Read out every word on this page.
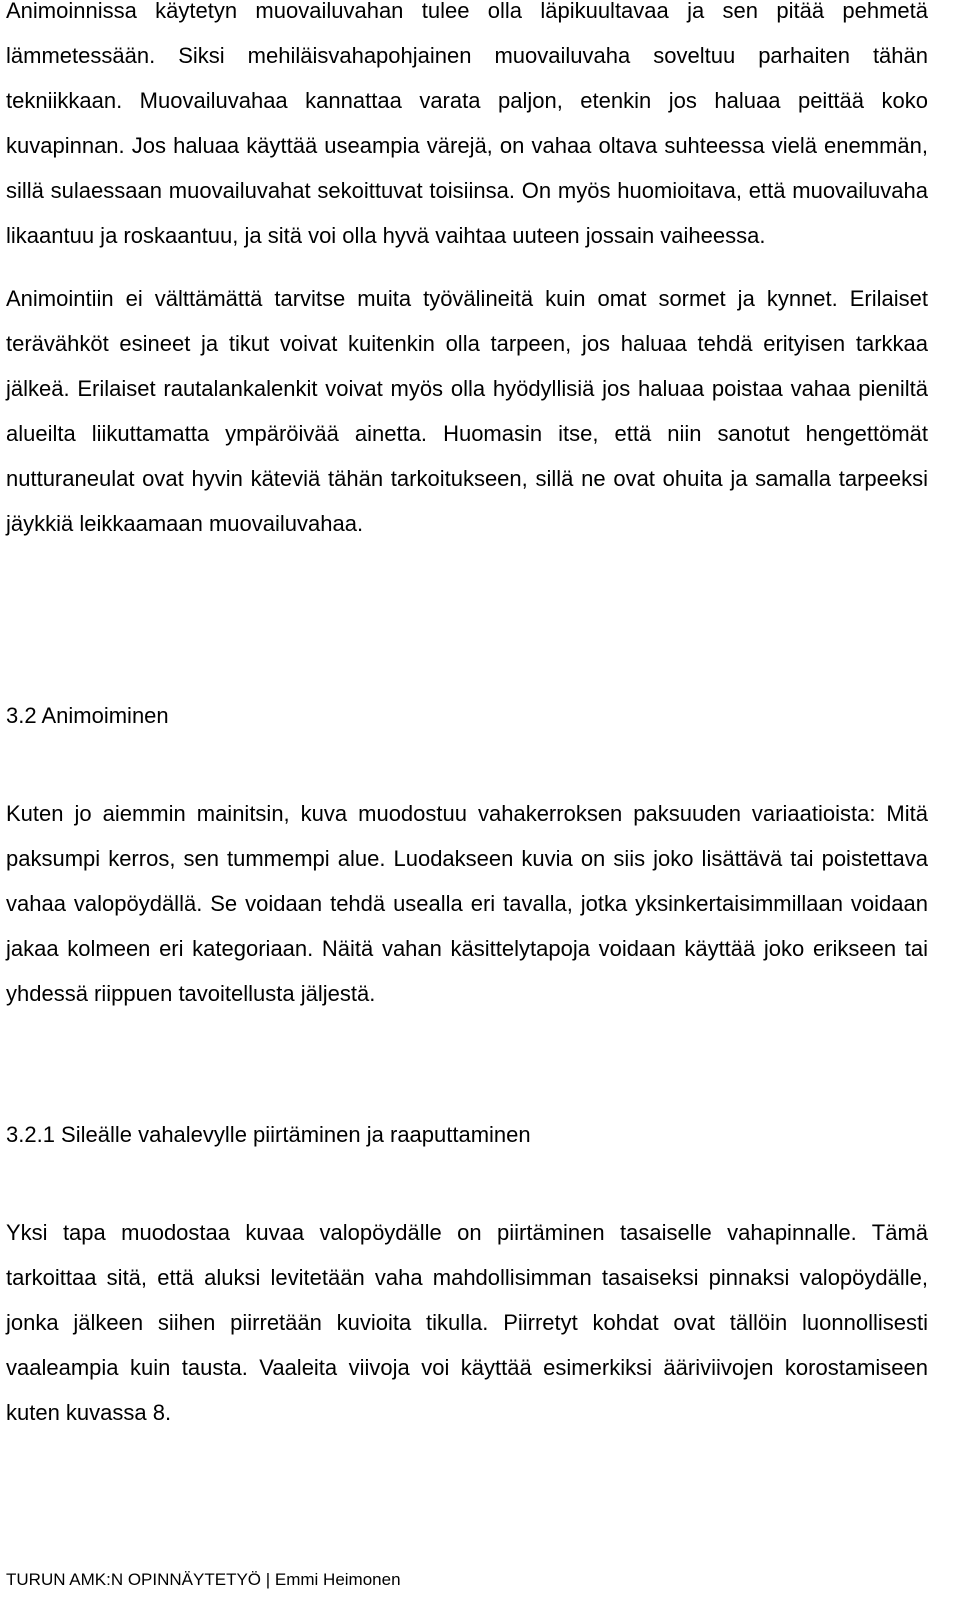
Animoinnissa käytetyn muovailuvahan tulee olla läpikuultavaa ja sen pitää pehmetä lämmetessään. Siksi mehiläisvahapohjainen muovailuvaha soveltuu parhaiten tähän tekniikkaan. Muovailuvahaa kannattaa varata paljon, etenkin jos haluaa peittää koko kuvapinnan. Jos haluaa käyttää useampia värejä, on vahaa oltava suhteessa vielä enemmän, sillä sulaessaan muovailuvahat sekoittuvat toisiinsa. On myös huomioitava, että muovailuvaha likaantuu ja roskaantuu, ja sitä voi olla hyvä vaihtaa uuteen jossain vaiheessa.

Animointiin ei välttämättä tarvitse muita työvälineitä kuin omat sormet ja kynnet. Erilaiset terävähköt esineet ja tikut voivat kuitenkin olla tarpeen, jos haluaa tehdä erityisen tarkkaa jälkeä. Erilaiset rautalankalenkit voivat myös olla hyödyllisiä jos haluaa poistaa vahaa pieniltä alueilta liikuttamatta ympäröivää ainetta. Huomasin itse, että niin sanotut hengettömät nutturaneulat ovat hyvin käteviä tähän tarkoitukseen, sillä ne ovat ohuita ja samalla tarpeeksi jäykkiä leikkaamaan muovailuvahaa.

3.2 Animoiminen

Kuten jo aiemmin mainitsin, kuva muodostuu vahakerroksen paksuuden variaatioista: Mitä paksumpi kerros, sen tummempi alue. Luodakseen kuvia on siis joko lisättävä tai poistettava vahaa valopöydällä. Se voidaan tehdä usealla eri tavalla, jotka yksinkertaisimmillaan voidaan jakaa kolmeen eri kategoriaan. Näitä vahan käsittelytapoja voidaan käyttää joko erikseen tai yhdessä riippuen tavoitellusta jäljestä.

3.2.1 Sileälle vahalevylle piirtäminen ja raaputtaminen

Yksi tapa muodostaa kuvaa valopöydälle on piirtäminen tasaiselle vahapinnalle. Tämä tarkoittaa sitä, että aluksi levitetään vaha mahdollisimman tasaiseksi pinnaksi valopöydälle, jonka jälkeen siihen piirretään kuvioita tikulla. Piirretyt kohdat ovat tällöin luonnollisesti vaaleampia kuin tausta. Vaaleita viivoja voi käyttää esimerkiksi ääriviivojen korostamiseen kuten kuvassa 8.

TURUN AMK:N OPINNÄYTETYÖ | Emmi Heimonen
